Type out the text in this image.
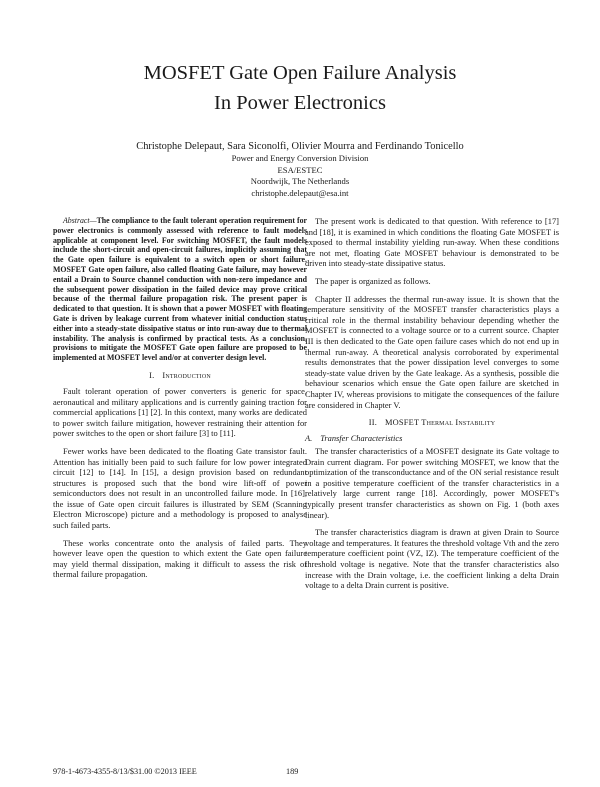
MOSFET Gate Open Failure Analysis
In Power Electronics
Christophe Delepaut, Sara Siconolfi, Olivier Mourra and Ferdinando Tonicello
Power and Energy Conversion Division
ESA/ESTEC
Noordwijk, The Netherlands
christophe.delepaut@esa.int

Abstract—The compliance to the fault tolerant operation requirement for power electronics is commonly assessed with reference to fault models applicable at component level. For switching MOSFET, the fault models include the short-circuit and open-circuit failures, implicitly assuming that the Gate open failure is equivalent to a switch open or short failure. MOSFET Gate open failure, also called floating Gate failure, may however entail a Drain to Source channel conduction with non-zero impedance and the subsequent power dissipation in the failed device may prove critical because of the thermal failure propagation risk. The present paper is dedicated to that question. It is shown that a power MOSFET with floating Gate is driven by leakage current from whatever initial conduction status either into a steady-state dissipative status or into run-away due to thermal instability. The analysis is confirmed by practical tests. As a conclusion, provisions to mitigate the MOSFET Gate open failure are proposed to be implemented at MOSFET level and/or at converter design level.

I. Introduction

Fault tolerant operation of power converters is generic for space, aeronautical and military applications and is currently gaining traction for commercial applications [1] [2]. In this context, many works are dedicated to power switch failure mitigation, however restraining their attention for power switches to the open or short failure [3] to [11].

Fewer works have been dedicated to the floating Gate transistor fault. Attention has initially been paid to such failure for low power integrated circuit [12] to [14]. In [15], a design provision based on redundant structures is proposed such that the bond wire lift-off of power semiconductors does not result in an uncontrolled failure mode. In [16], the issue of Gate open circuit failures is illustrated by SEM (Scanning Electron Microscope) picture and a methodology is proposed to analyse such failed parts.

These works concentrate onto the analysis of failed parts. They however leave open the question to which extent the Gate open failure may yield thermal dissipation, making it difficult to assess the risk of thermal failure propagation.

The present work is dedicated to that question. With reference to [17] and [18], it is examined in which conditions the floating Gate MOSFET is exposed to thermal instability yielding run-away. When these conditions are not met, floating Gate MOSFET behaviour is demonstrated to be driven into steady-state dissipative status.

The paper is organized as follows.

Chapter II addresses the thermal run-away issue. It is shown that the temperature sensitivity of the MOSFET transfer characteristics plays a critical role in the thermal instability behaviour depending whether the MOSFET is connected to a voltage source or to a current source. Chapter III is then dedicated to the Gate open failure cases which do not end up in thermal run-away. A theoretical analysis corroborated by experimental results demonstrates that the power dissipation level converges to some steady-state value driven by the Gate leakage. As a synthesis, possible die behaviour scenarios which ensue the Gate open failure are sketched in Chapter IV, whereas provisions to mitigate the consequences of the failure are considered in Chapter V.

II. MOSFET Thermal Instability
A. Transfer Characteristics

The transfer characteristics of a MOSFET designate its Gate voltage to Drain current diagram. For power switching MOSFET, we know that the optimization of the transconductance and of the ON serial resistance result in a positive temperature coefficient of the transfer characteristics in a relatively large current range [18]. Accordingly, power MOSFET's typically present transfer characteristics as shown on Fig. 1 (both axes linear).

The transfer characteristics diagram is drawn at given Drain to Source voltage and temperatures. It features the threshold voltage Vth and the zero temperature coefficient point (VZ, IZ). The temperature coefficient of the threshold voltage is negative. Note that the transfer characteristics also increase with the Drain voltage, i.e. the coefficient linking a delta Drain voltage to a delta Drain current is positive.

978-1-4673-4355-8/13/$31.00 ©2013 IEEE	189
